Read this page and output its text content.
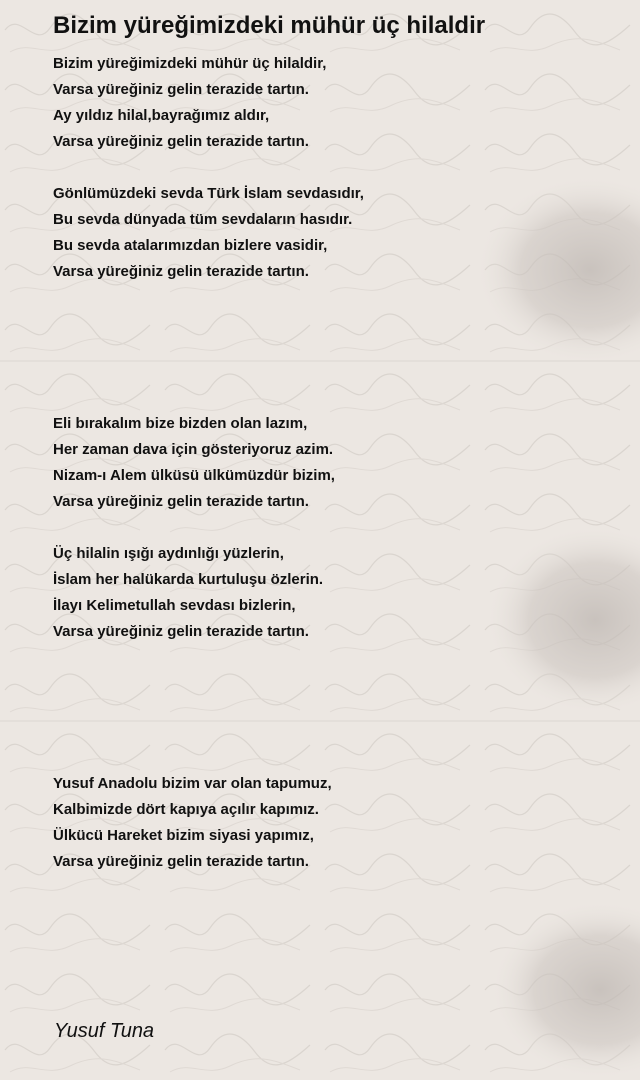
Bizim yüreğimizdeki mühür üç hilaldir
Bizim yüreğimizdeki mühür üç hilaldir,
Varsa yüreğiniz gelin terazide tartın.
Ay yıldız hilal,bayrağımız aldır,
Varsa yüreğiniz gelin terazide tartın.
Gönlümüzdeki sevda Türk İslam sevdasıdır,
Bu sevda dünyada tüm sevdaların hasıdır.
Bu sevda atalarımızdan bizlere vasidir,
Varsa yüreğiniz gelin terazide tartın.
Eli bırakalım bize bizden olan lazım,
Her zaman dava için gösteriyoruz azim.
Nizam-ı Alem ülküsü ülkümüzdür bizim,
Varsa yüreğiniz gelin terazide tartın.
Üç hilalin ışığı aydınlığı yüzlerin,
İslam her halükarda kurtuluşu özlerin.
İlayı Kelimetullah sevdası bizlerin,
Varsa yüreğiniz gelin terazide tartın.
Yusuf Anadolu bizim var olan tapumuz,
Kalbimizde dört kapıya açılır kapımız.
Ülkücü Hareket bizim siyasi yapımız,
Varsa yüreğiniz gelin terazide tartın.
Yusuf Tuna
